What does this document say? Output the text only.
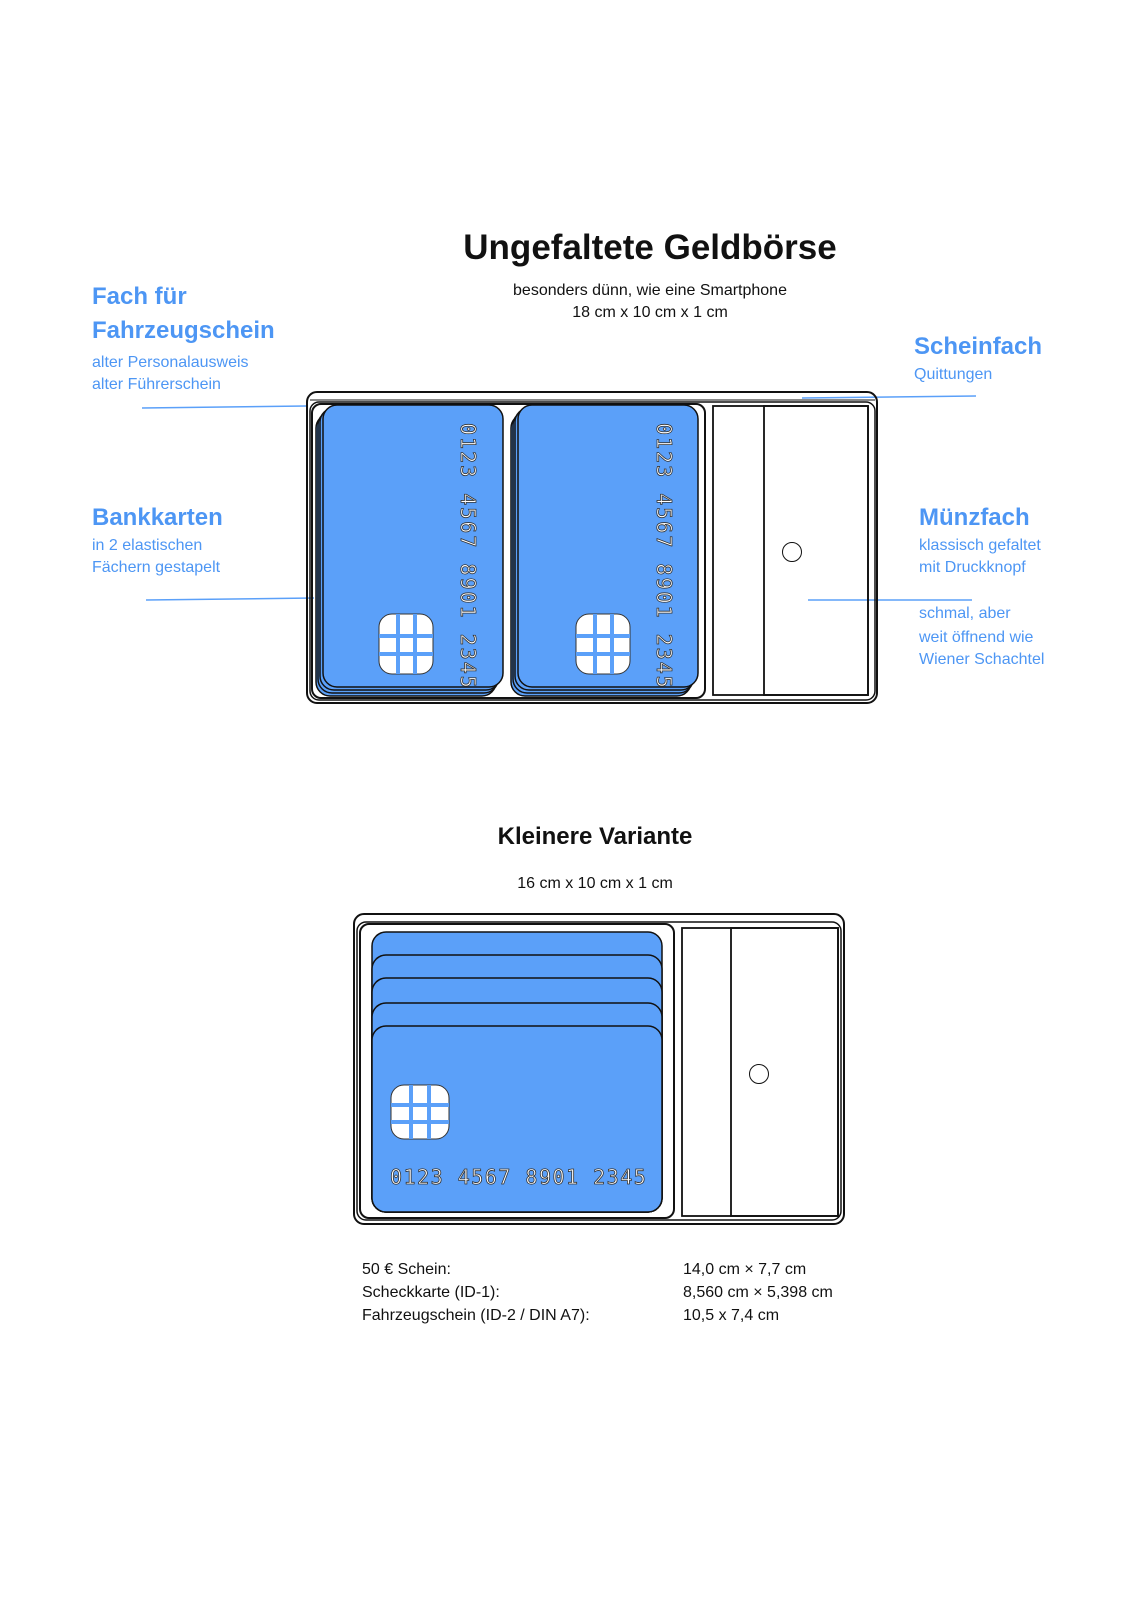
Ungefaltete Geldbörse
besonders dünn, wie eine Smartphone
18 cm x 10 cm x 1 cm
Fach für
Fahrzeugschein
alter Personalausweis
alter Führerschein
Bankkarten
in 2 elastischen
Fächern gestapelt
Scheinfach
Quittungen
Münzfach
klassisch gefaltet
mit Druckknopf
schmal, aber
weit öffnend wie
Wiener Schachtel
0123 4567 8901 2345	0123 4567 8901 2345
Kleinere Variante
16 cm x 10 cm x 1 cm
0123 4567 8901 2345
50 € Schein:	14,0 cm × 7,7 cm
Scheckkarte (ID-1):	8,560 cm × 5,398 cm
Fahrzeugschein (ID-2 / DIN A7):	10,5 x 7,4 cm
